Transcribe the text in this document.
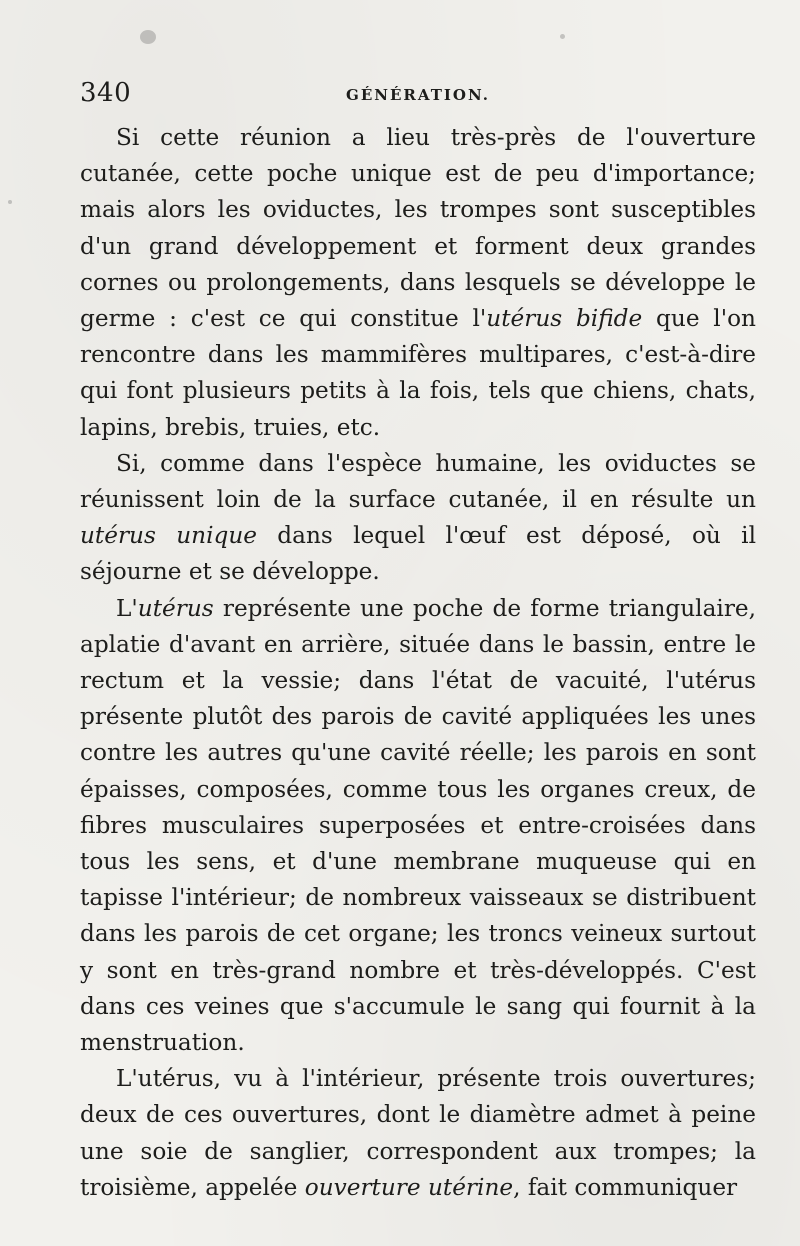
340	GÉNÉRATION.

Si cette réunion a lieu très-près de l'ouverture cutanée, cette poche unique est de peu d'importance; mais alors les oviductes, les trompes sont susceptibles d'un grand développement et forment deux grandes cornes ou prolongements, dans lesquels se développe le germe : c'est ce qui constitue l'utérus bifide que l'on rencontre dans les mammifères multipares, c'est-à-dire qui font plusieurs petits à la fois, tels que chiens, chats, lapins, brebis, truies, etc.

Si, comme dans l'espèce humaine, les oviductes se réunissent loin de la surface cutanée, il en résulte un utérus unique dans lequel l'œuf est déposé, où il séjourne et se développe.

L'utérus représente une poche de forme triangulaire, aplatie d'avant en arrière, située dans le bassin, entre le rectum et la vessie; dans l'état de vacuité, l'utérus présente plutôt des parois de cavité appliquées les unes contre les autres qu'une cavité réelle; les parois en sont épaisses, composées, comme tous les organes creux, de fibres musculaires superposées et entre-croisées dans tous les sens, et d'une membrane muqueuse qui en tapisse l'intérieur; de nombreux vaisseaux se distribuent dans les parois de cet organe; les troncs veineux surtout y sont en très-grand nombre et très-développés. C'est dans ces veines que s'accumule le sang qui fournit à la menstruation.

L'utérus, vu à l'intérieur, présente trois ouvertures; deux de ces ouvertures, dont le diamètre admet à peine une soie de sanglier, correspondent aux trompes; la troisième, appelée ouverture utérine, fait communiquer
